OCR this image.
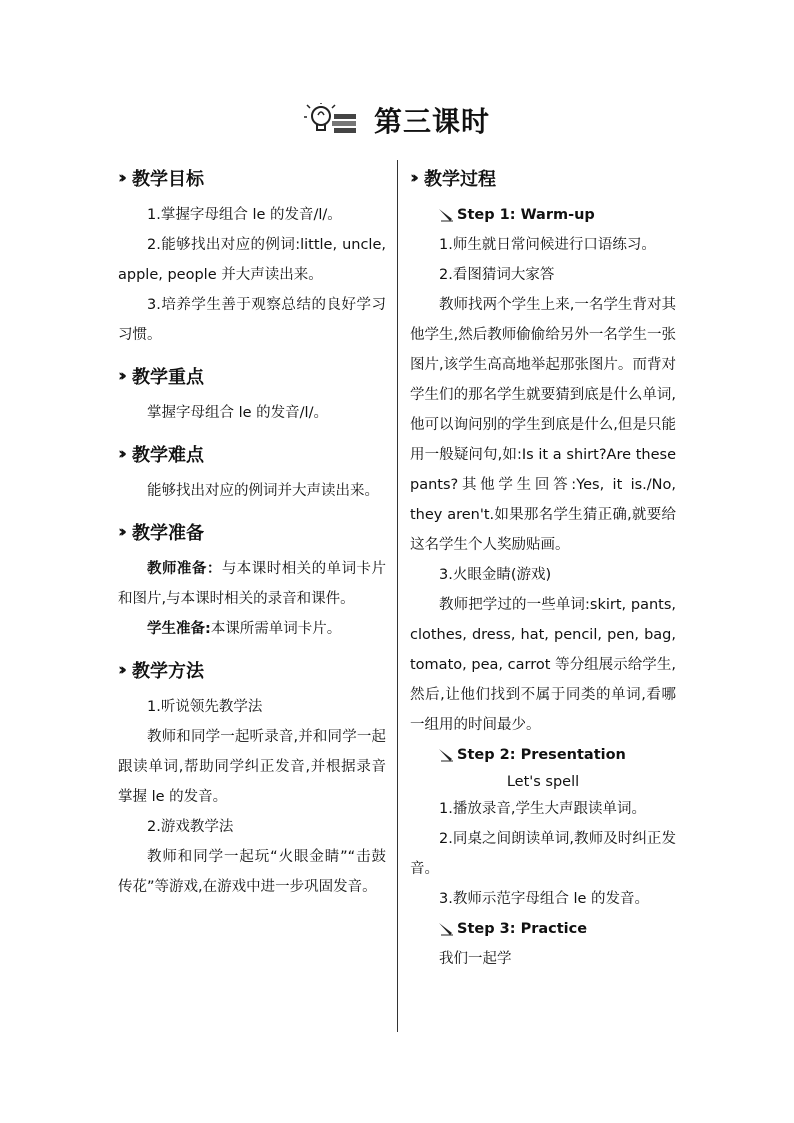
第三课时
›› 教学目标

1.掌握字母组合 le 的发音/l/。

2.能够找出对应的例词:little, uncle, apple, people 并大声读出来。

3.培养学生善于观察总结的良好学习习惯。

›› 教学重点

掌握字母组合 le 的发音/l/。

›› 教学难点

能够找出对应的例词并大声读出来。

›› 教学准备

教师准备：与本课时相关的单词卡片和图片,与本课时相关的录音和课件。

学生准备:本课所需单词卡片。

›› 教学方法

1.听说领先教学法

教师和同学一起听录音,并和同学一起跟读单词,帮助同学纠正发音,并根据录音掌握 le 的发音。

2.游戏教学法

教师和同学一起玩“火眼金睛”“击鼓传花”等游戏,在游戏中进一步巩固发音。

›› 教学过程
Step 1: Warm-up

1.师生就日常问候进行口语练习。

2.看图猜词大家答

教师找两个学生上来,一名学生背对其他学生,然后教师偷偷给另外一名学生一张图片,该学生高高地举起那张图片。而背对学生们的那名学生就要猜到底是什么单词,他可以询问别的学生到底是什么,但是只能用一般疑问句,如:Is it a shirt?Are these pants?其他学生回答:Yes, it is./No, they aren't.如果那名学生猜正确,就要给这名学生个人奖励贴画。

3.火眼金睛(游戏)

教师把学过的一些单词:skirt, pants, clothes, dress, hat, pencil, pen, bag, tomato, pea, carrot 等分组展示给学生,然后,让他们找到不属于同类的单词,看哪一组用的时间最少。

Step 2: Presentation

Let's spell

1.播放录音,学生大声跟读单词。

2.同桌之间朗读单词,教师及时纠正发音。

3.教师示范字母组合 le 的发音。

Step 3: Practice

我们一起学
